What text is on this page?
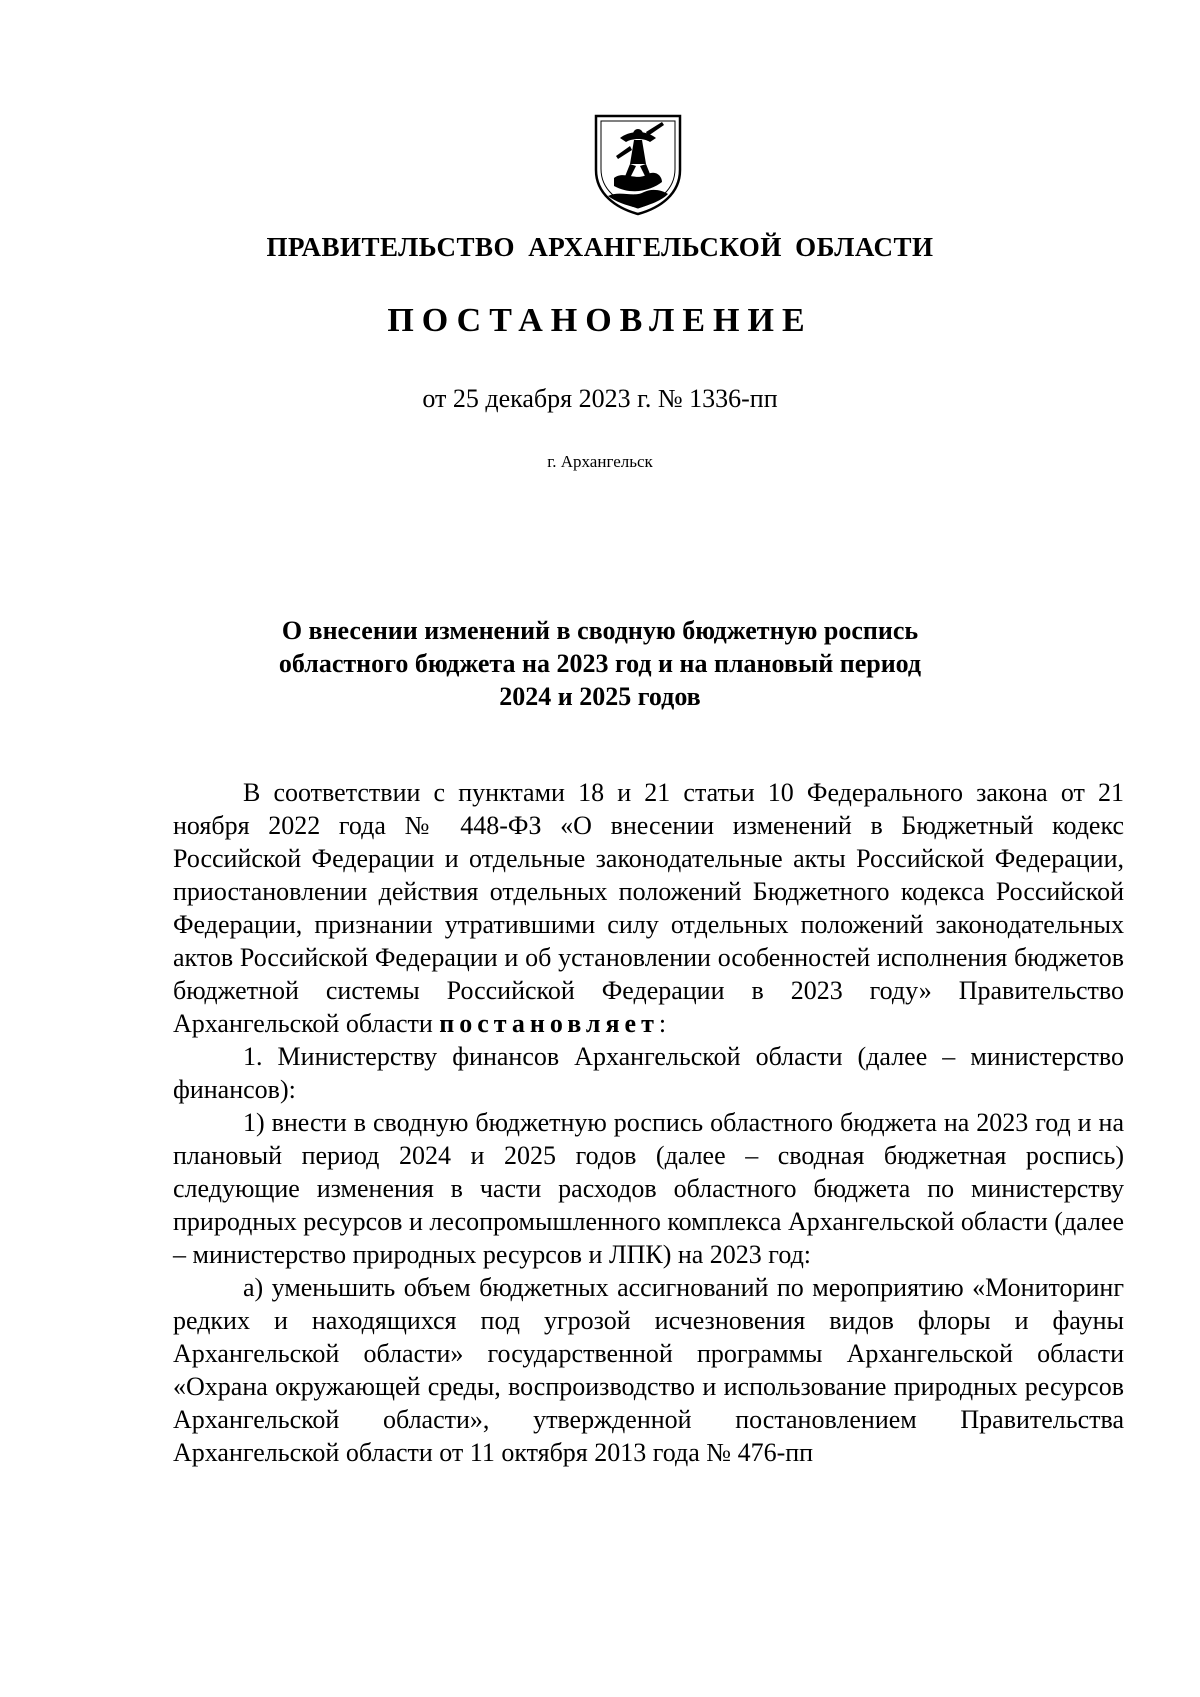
ПРАВИТЕЛЬСТВО АРХАНГЕЛЬСКОЙ ОБЛАСТИ
ПОСТАНОВЛЕНИЕ
от 25 декабря 2023 г. № 1336-пп
г. Архангельск
О внесении изменений в сводную бюджетную роспись
областного бюджета на 2023 год и на плановый период
2024 и 2025 годов

В соответствии с пунктами 18 и 21 статьи 10 Федерального закона от 21 ноября 2022 года № 448-ФЗ «О внесении изменений в Бюджетный кодекс Российской Федерации и отдельные законодательные акты Российской Федерации, приостановлении действия отдельных положений Бюджетного кодекса Российской Федерации, признании утратившими силу отдельных положений законодательных актов Российской Федерации и об установлении особенностей исполнения бюджетов бюджетной системы Российской Федерации в 2023 году» Правительство Архангельской области постановляет:

1. Министерству финансов Архангельской области (далее – министерство финансов):

1) внести в сводную бюджетную роспись областного бюджета на 2023 год и на плановый период 2024 и 2025 годов (далее – сводная бюджетная роспись) следующие изменения в части расходов областного бюджета по министерству природных ресурсов и лесопромышленного комплекса Архангельской области (далее – министерство природных ресурсов и ЛПК) на 2023 год:

а) уменьшить объем бюджетных ассигнований по мероприятию «Мониторинг редких и находящихся под угрозой исчезновения видов флоры и фауны Архангельской области» государственной программы Архангельской области «Охрана окружающей среды, воспроизводство и использование природных ресурсов Архангельской области», утвержденной постановлением Правительства Архангельской области от 11 октября 2013 года № 476-пп
